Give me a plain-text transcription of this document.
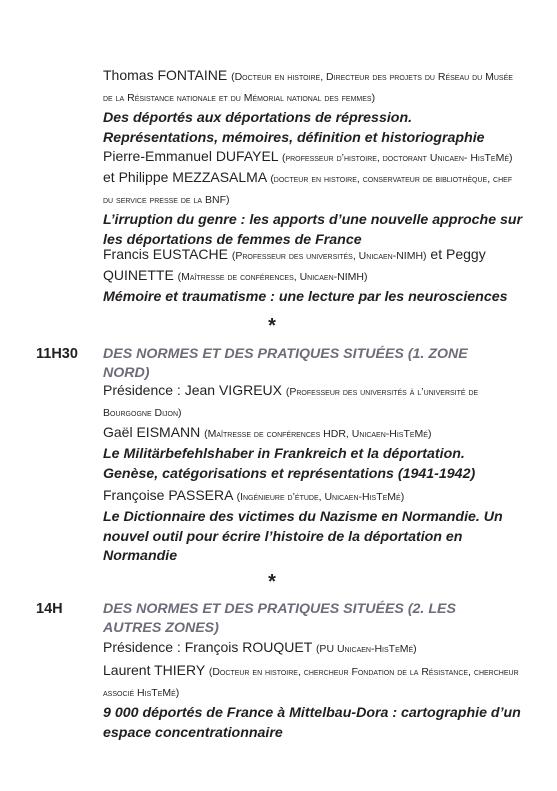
Thomas FONTAINE (Docteur en histoire, Directeur des projets du Réseau du Musée de la Résistance nationale et du Mémorial national des femmes)
Des déportés aux déportations de répression. Représentations, mémoires, définition et historiographie
Pierre-Emmanuel DUFAYEL (professeur d’histoire, doctorant Unicaen- HisTeMé) et Philippe MEZZASALMA (docteur en histoire, conservateur de bibliothèque, chef du service presse de la BNF)
L’irruption du genre : les apports d’une nouvelle approche sur les déportations de femmes de France
Francis EUSTACHE (Professeur des universités, Unicaen-NIMH) et Peggy QUINETTE (Maîtresse de conférences, Unicaen-NIMH)
Mémoire et traumatisme : une lecture par les neurosciences
*
11H30 DES NORMES ET DES PRATIQUES SITUÉES (1. ZONE NORD)
Présidence : Jean VIGREUX (Professeur des universités à l’université de Bourgogne Dijon)
Gaël EISMANN (Maîtresse de conférences HDR, Unicaen-HisTeMé)
Le Militärbefehlshaber in Frankreich et la déportation. Genèse, catégorisations et représentations (1941-1942)
Françoise PASSERA (Ingénieure d’étude, Unicaen-HisTeMé)
Le Dictionnaire des victimes du Nazisme en Normandie. Un nouvel outil pour écrire l’histoire de la déportation en Normandie
*
14H	DES NORMES ET DES PRATIQUES SITUÉES (2. LES AUTRES ZONES)
Présidence : François ROUQUET (PU Unicaen-HisTeMé)
Laurent THIERY (Docteur en histoire, chercheur Fondation de la Résistance, chercheur associé HisTeMé)
9 000 déportés de France à Mittelbau-Dora : cartographie d’un espace concentrationnaire
